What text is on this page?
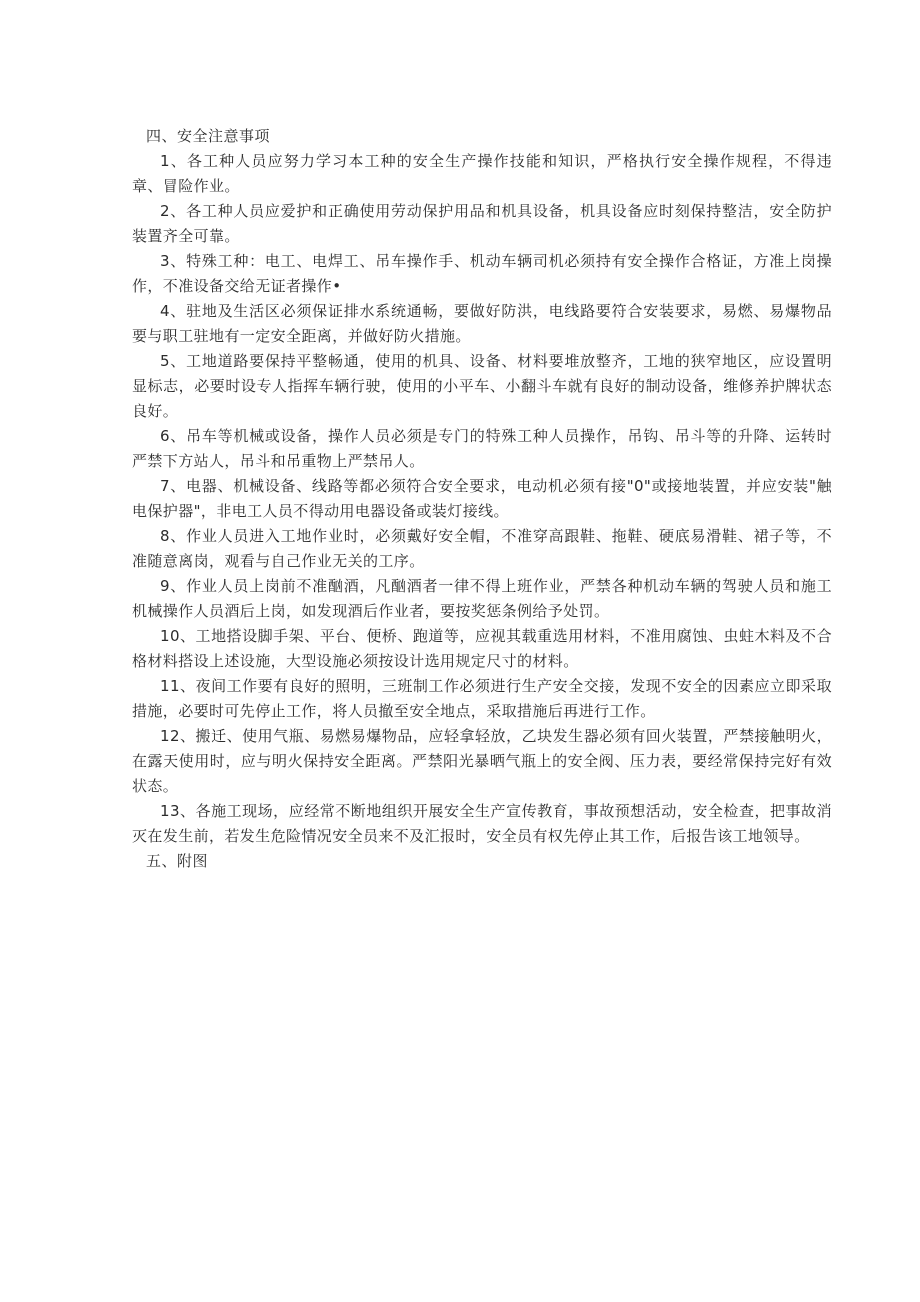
四、安全注意事项

1、各工种人员应努力学习本工种的安全生产操作技能和知识，严格执行安全操作规程，不得违章、冒险作业。

2、各工种人员应爱护和正确使用劳动保护用品和机具设备，机具设备应时刻保持整洁，安全防护装置齐全可靠。

3、特殊工种：电工、电焊工、吊车操作手、机动车辆司机必须持有安全操作合格证，方准上岗操作，不准设备交给无证者操作•

4、驻地及生活区必须保证排水系统通畅，要做好防洪，电线路要符合安装要求，易燃、易爆物品要与职工驻地有一定安全距离，并做好防火措施。

5、工地道路要保持平整畅通，使用的机具、设备、材料要堆放整齐，工地的狭窄地区，应设置明显标志，必要时设专人指挥车辆行驶，使用的小平车、小翻斗车就有良好的制动设备，维修养护牌状态良好。

6、吊车等机械或设备，操作人员必须是专门的特殊工种人员操作，吊钩、吊斗等的升降、运转时严禁下方站人，吊斗和吊重物上严禁吊人。

7、电器、机械设备、线路等都必须符合安全要求，电动机必须有接"0"或接地装置，并应安装"触电保护器"，非电工人员不得动用电器设备或装灯接线。

8、作业人员进入工地作业时，必须戴好安全帽，不准穿高跟鞋、拖鞋、硬底易滑鞋、裙子等，不准随意离岗，观看与自己作业无关的工序。

9、作业人员上岗前不准酗酒，凡酗酒者一律不得上班作业，严禁各种机动车辆的驾驶人员和施工机械操作人员酒后上岗，如发现酒后作业者，要按奖惩条例给予处罚。

10、工地搭设脚手架、平台、便桥、跑道等，应视其载重选用材料，不准用腐蚀、虫蛀木料及不合格材料搭设上述设施，大型设施必须按设计选用规定尺寸的材料。

11、夜间工作要有良好的照明，三班制工作必须进行生产安全交接，发现不安全的因素应立即采取措施，必要时可先停止工作，将人员撤至安全地点，采取措施后再进行工作。

12、搬迁、使用气瓶、易燃易爆物品，应轻拿轻放，乙块发生器必须有回火装置，严禁接触明火，在露天使用时，应与明火保持安全距离。严禁阳光暴晒气瓶上的安全阀、压力表，要经常保持完好有效状态。

13、各施工现场，应经常不断地组织开展安全生产宣传教育，事故预想活动，安全检查，把事故消灭在发生前，若发生危险情况安全员来不及汇报时，安全员有权先停止其工作，后报告该工地领导。

五、附图
